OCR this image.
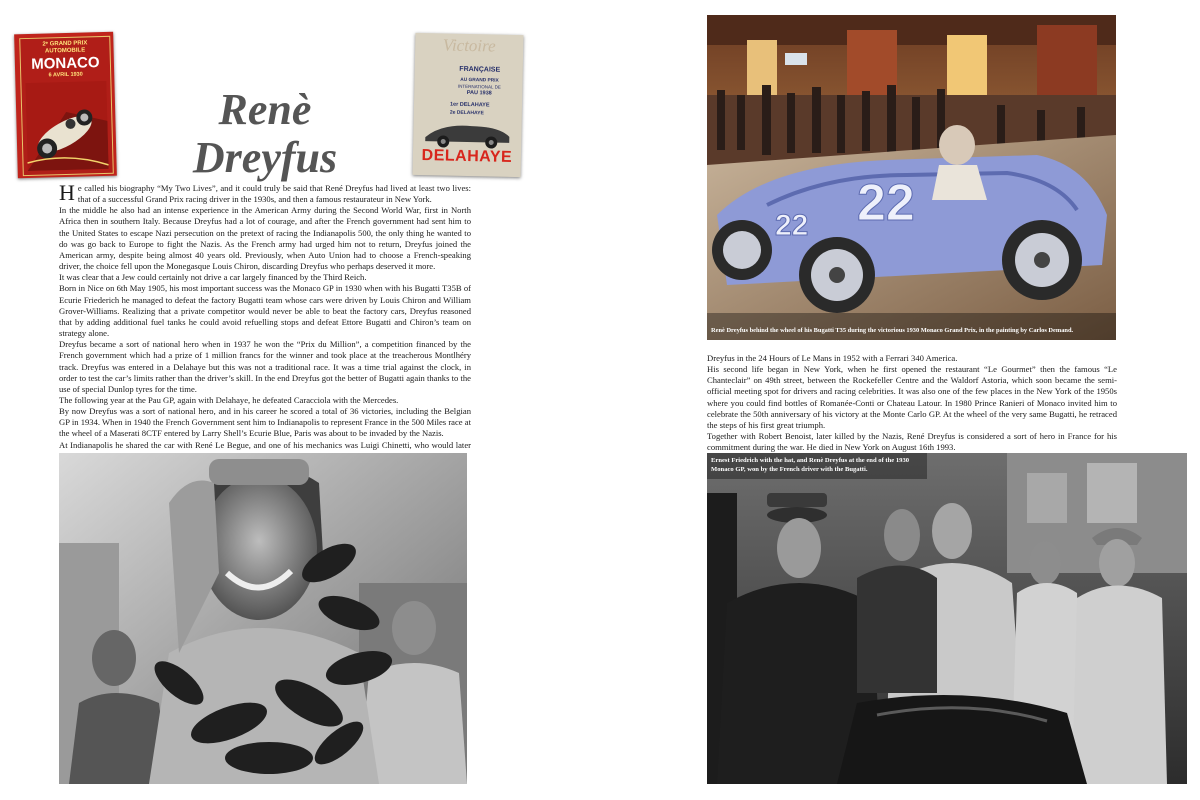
2ᵉ GRAND PRIX
AUTOMOBILE
MONACO
6 AVRIL 1930
Renè
Dreyfus
Victoire
FRANÇAISE
AU GRAND PRIX
INTERNATIONAL DE
PAU 1938
1er DELAHAYE
2e DELAHAYE
DELAHAYE

He called his biography “My Two Lives”, and it could truly be said that René Dreyfus had lived at least two lives: that of a successful Grand Prix racing driver in the 1930s, and then a famous restaurateur in New York.

In the middle he also had an intense experience in the American Army during the Second World War, first in North Africa then in southern Italy. Because Dreyfus had a lot of courage, and after the French government had sent him to the United States to escape Nazi persecution on the pretext of racing the Indianapolis 500, the only thing he wanted to do was go back to Europe to fight the Nazis. As the French army had urged him not to return, Dreyfus joined the American army, despite being almost 40 years old. Previously, when Auto Union had to choose a French-speaking driver, the choice fell upon the Monegasque Louis Chiron, discarding Dreyfus who perhaps deserved it more.

It was clear that a Jew could certainly not drive a car largely financed by the Third Reich.

Born in Nice on 6th May 1905, his most important success was the Monaco GP in 1930 when with his Bugatti T35B of Ecurie Friederich he managed to defeat the factory Bugatti team whose cars were driven by Louis Chiron and William Grover-Williams. Realizing that a private competitor would never be able to beat the factory cars, Dreyfus reasoned that by adding additional fuel tanks he could avoid refuelling stops and defeat Ettore Bugatti and Chiron’s team on strategy alone.

Dreyfus became a sort of national hero when in 1937 he won the “Prix du Million”, a competition financed by the French government which had a prize of 1 million francs for the winner and took place at the treacherous Montlhéry track. Dreyfus was entered in a Delahaye but this was not a traditional race. It was a time trial against the clock, in order to test the car’s limits rather than the driver’s skill. In the end Dreyfus got the better of Bugatti again thanks to the use of special Dunlop tyres for the time.

The following year at the Pau GP, again with Delahaye, he defeated Caracciola with the Mercedes.

By now Dreyfus was a sort of national hero, and in his career he scored a total of 36 victories, including the Belgian GP in 1934. When in 1940 the French Government sent him to Indianapolis to represent France in the 500 Miles race at the wheel of a Maserati 8CTF entered by Larry Shell’s Ecurie Blue, Paris was about to be invaded by the Nazis.

At Indianapolis he shared the car with René Le Begue, and one of his mechanics was Luigi Chinetti, who would later

22
22
Renè Dreyfus behind the wheel of his Bugatti T35 during the victorious 1930 Monaco Grand Prix, in the painting by Carlos Demand.

Dreyfus in the 24 Hours of Le Mans in 1952 with a Ferrari 340 America.

His second life began in New York, when he first opened the restaurant “Le Gourmet” then the famous “Le Chanteclair” on 49th street, between the Rockefeller Centre and the Waldorf Astoria, which soon became the semi-official meeting spot for drivers and racing celebrities. It was also one of the few places in the New York of the 1950s where you could find bottles of Romanée-Conti or Chateau Latour. In 1980 Prince Ranieri of Monaco invited him to celebrate the 50th anniversary of his victory at the Monte Carlo GP. At the wheel of the very same Bugatti, he retraced the steps of his first great triumph.

Together with Robert Benoist, later killed by the Nazis, René Dreyfus is considered a sort of hero in France for his commitment during the war. He died in New York on August 16th 1993.

Ernest Friedrich with the hat, and Renè Dreyfus at the end of the 1930 Monaco GP, won by the French driver with the Bugatti.
